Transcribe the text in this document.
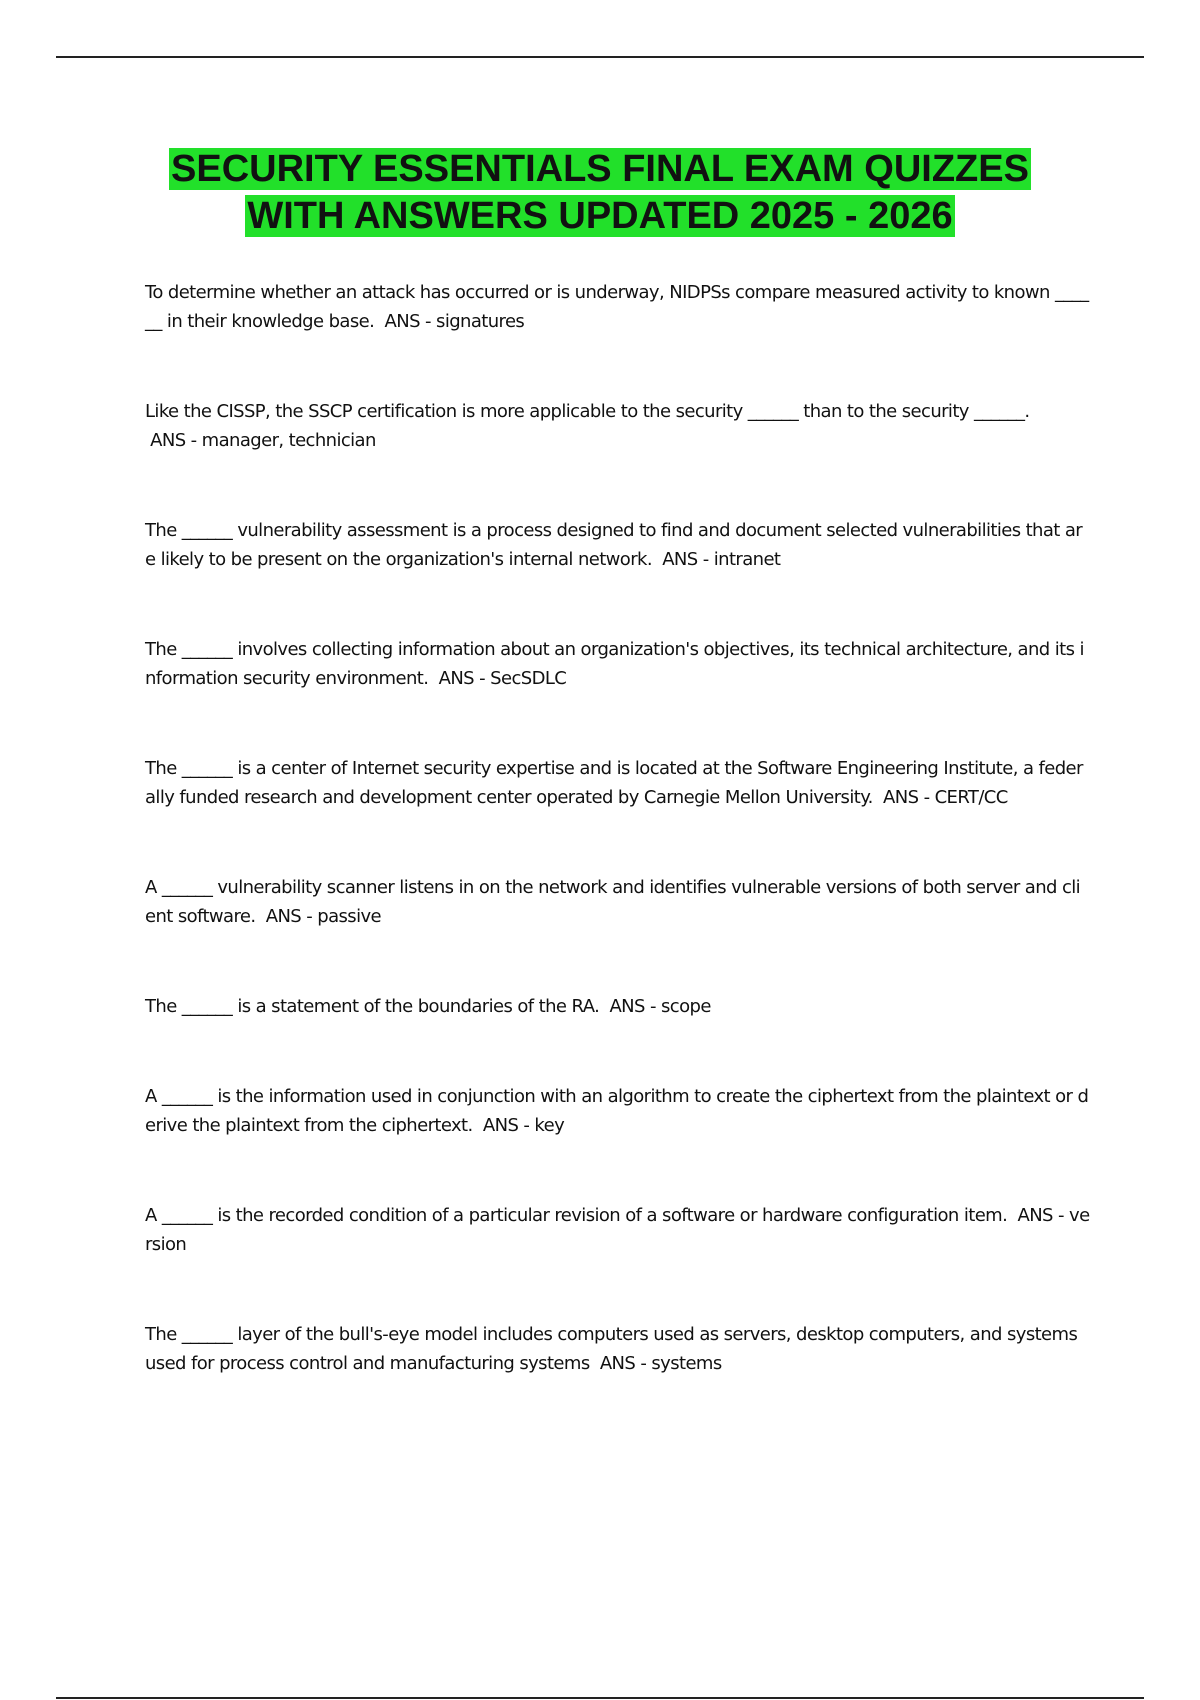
SECURITY ESSENTIALS FINAL EXAM QUIZZES
WITH ANSWERS UPDATED 2025 - 2026

To determine whether an attack has occurred or is underway, NIDPSs compare measured activity to known ______ in their knowledge base.  ANS - signatures

Like the CISSP, the SSCP certification is more applicable to the security ______ than to the security ______.
ANS - manager, technician

The ______ vulnerability assessment is a process designed to find and document selected vulnerabilities that are likely to be present on the organization's internal network.  ANS - intranet

The ______ involves collecting information about an organization's objectives, its technical architecture, and its information security environment.  ANS - SecSDLC

The ______ is a center of Internet security expertise and is located at the Software Engineering Institute, a federally funded research and development center operated by Carnegie Mellon University.  ANS - CERT/CC

A ______ vulnerability scanner listens in on the network and identifies vulnerable versions of both server and client software.  ANS - passive

The ______ is a statement of the boundaries of the RA.  ANS - scope

A ______ is the information used in conjunction with an algorithm to create the ciphertext from the plaintext or derive the plaintext from the ciphertext.  ANS - key

A ______ is the recorded condition of a particular revision of a software or hardware configuration item.  ANS - version

The ______ layer of the bull's-eye model includes computers used as servers, desktop computers, and systems used for process control and manufacturing systems  ANS - systems
